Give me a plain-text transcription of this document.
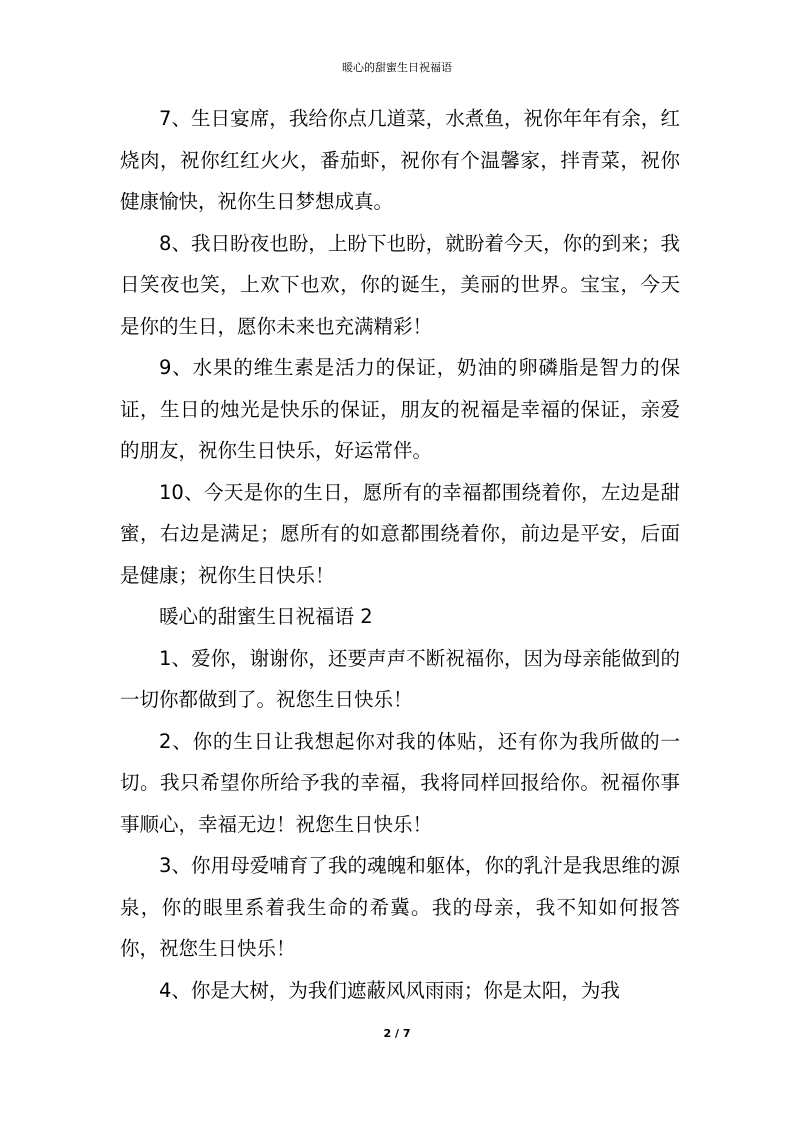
暖心的甜蜜生日祝福语

7、生日宴席，我给你点几道菜，水煮鱼，祝你年年有余，红烧肉，祝你红红火火，番茄虾，祝你有个温馨家，拌青菜，祝你健康愉快，祝你生日梦想成真。

8、我日盼夜也盼，上盼下也盼，就盼着今天，你的到来；我日笑夜也笑，上欢下也欢，你的诞生，美丽的世界。宝宝，今天是你的生日，愿你未来也充满精彩！

9、水果的维生素是活力的保证，奶油的卵磷脂是智力的保证，生日的烛光是快乐的保证，朋友的祝福是幸福的保证，亲爱的朋友，祝你生日快乐，好运常伴。

10、今天是你的生日，愿所有的幸福都围绕着你，左边是甜蜜，右边是满足；愿所有的如意都围绕着你，前边是平安，后面是健康；祝你生日快乐！

暖心的甜蜜生日祝福语 2

1、爱你，谢谢你，还要声声不断祝福你，因为母亲能做到的一切你都做到了。祝您生日快乐！

2、你的生日让我想起你对我的体贴，还有你为我所做的一切。我只希望你所给予我的幸福，我将同样回报给你。祝福你事事顺心，幸福无边！祝您生日快乐！

3、你用母爱哺育了我的魂魄和躯体，你的乳汁是我思维的源泉，你的眼里系着我生命的希冀。我的母亲，我不知如何报答你，祝您生日快乐！

4、你是大树，为我们遮蔽风风雨雨；你是太阳，为我

2 / 7
